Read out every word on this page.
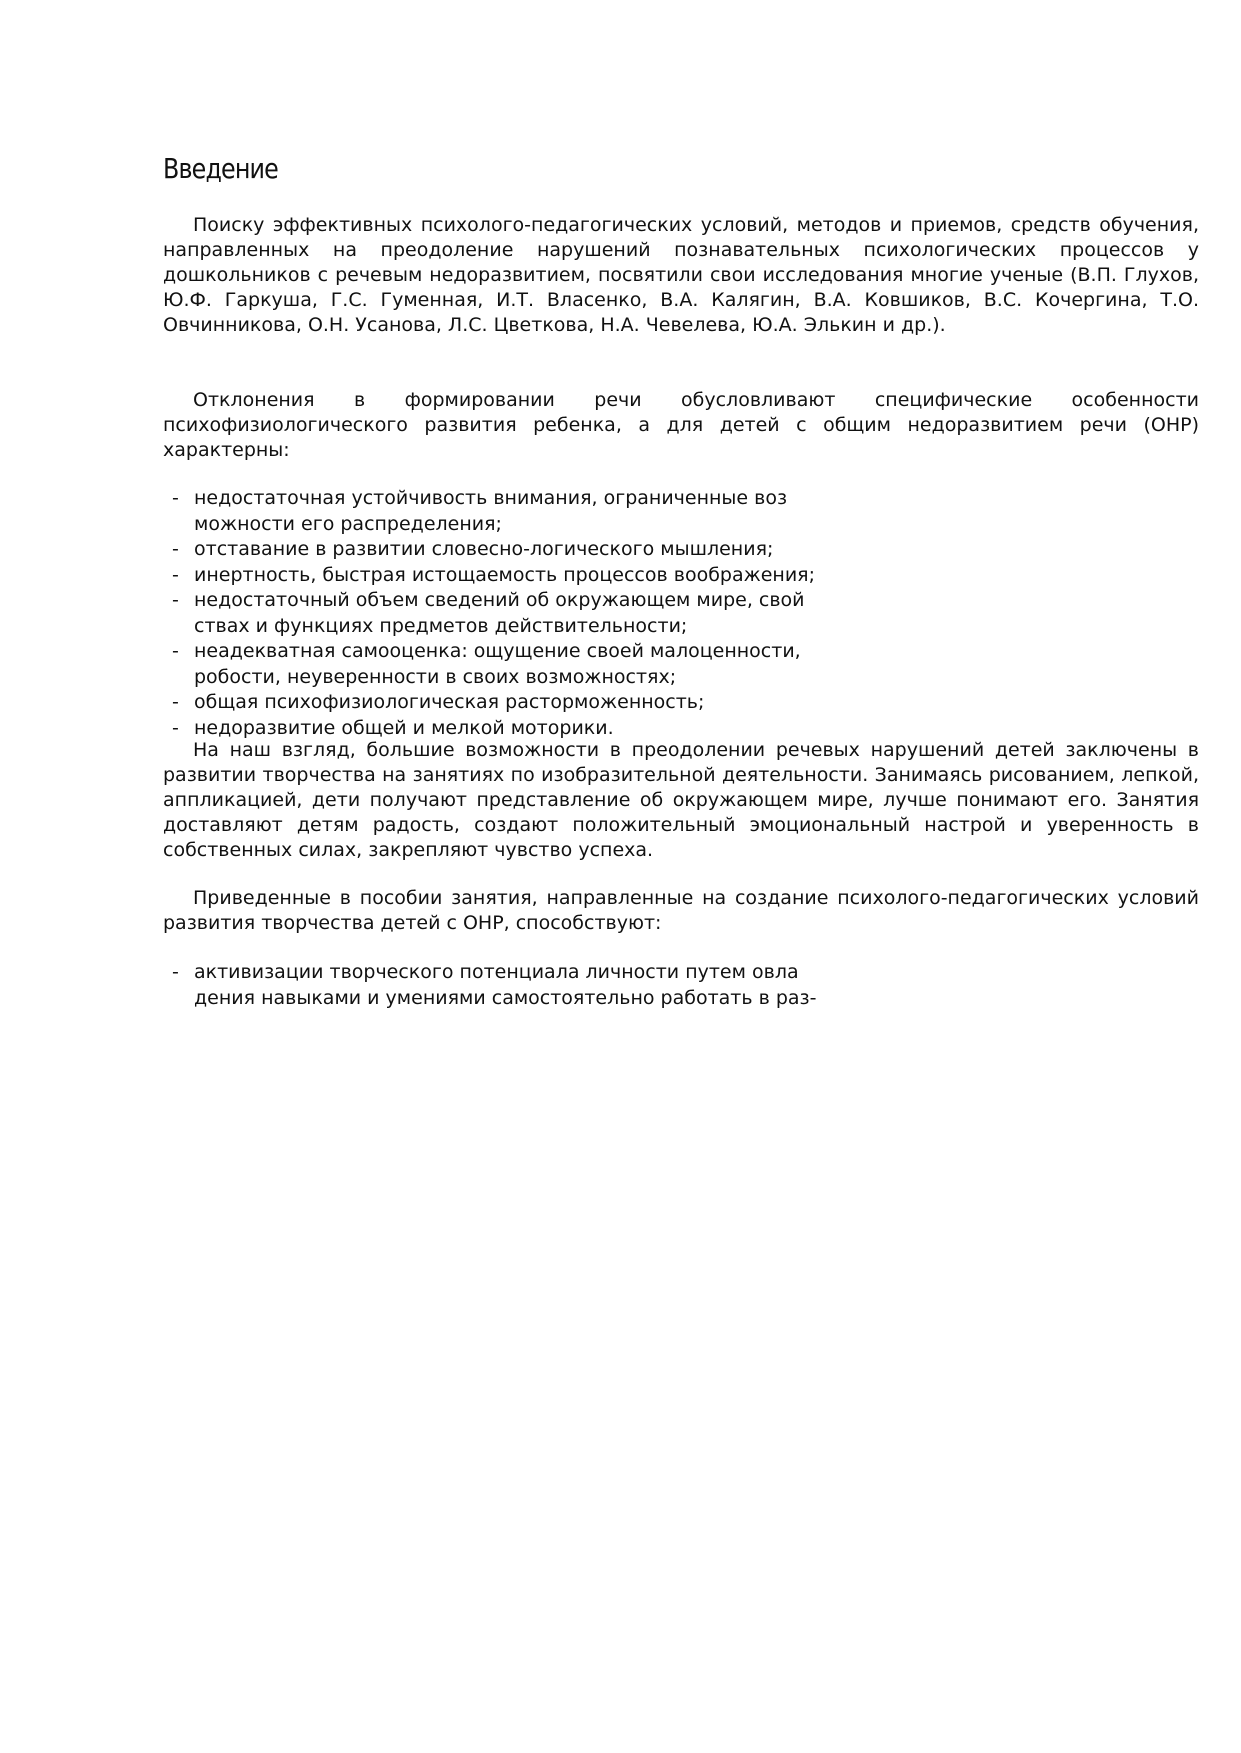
Введение

Поиску эффективных психолого-педагогических условий, методов и приемов, средств обучения, направленных на преодоление нарушений познавательных психологических процессов у дошкольников с речевым недоразвитием, посвятили свои исследования многие ученые (В.П. Глухов, Ю.Ф. Гаркуша, Г.С. Гуменная, И.Т. Власенко, В.А. Калягин, В.А. Ковшиков, В.С. Кочергина, Т.О. Овчинникова, О.Н. Усанова, Л.С. Цветкова, Н.А. Чевелева, Ю.А. Элькин и др.).

Отклонения в формировании речи обусловливают специфические особенности психофизиологического развития ребенка, а для детей с общим недоразвитием речи (ОНР) характерны:

- недостаточная устойчивость внимания, ограниченные воз
можности его распределения;
- отставание в развитии словесно-логического мышления;
- инертность, быстрая истощаемость процессов воображения;
- недостаточный объем сведений об окружающем мире, свой
ствах и функциях предметов действительности;
- неадекватная самооценка: ощущение своей малоценности,
робости, неуверенности в своих возможностях;
- общая психофизиологическая расторможенность;
- недоразвитие общей и мелкой моторики.

На наш взгляд, большие возможности в преодолении речевых нарушений детей заключены в развитии творчества на занятиях по изобразительной деятельности. Занимаясь рисованием, лепкой, аппликацией, дети получают представление об окружающем мире, лучше понимают его. Занятия доставляют детям радость, создают положительный эмоциональный настрой и уверенность в собственных силах, закрепляют чувство успеха.

Приведенные в пособии занятия, направленные на создание психолого-педагогических условий развития творчества детей с ОНР, способствуют:

- активизации творческого потенциала личности путем овла
дения навыками и умениями самостоятельно работать в раз-
